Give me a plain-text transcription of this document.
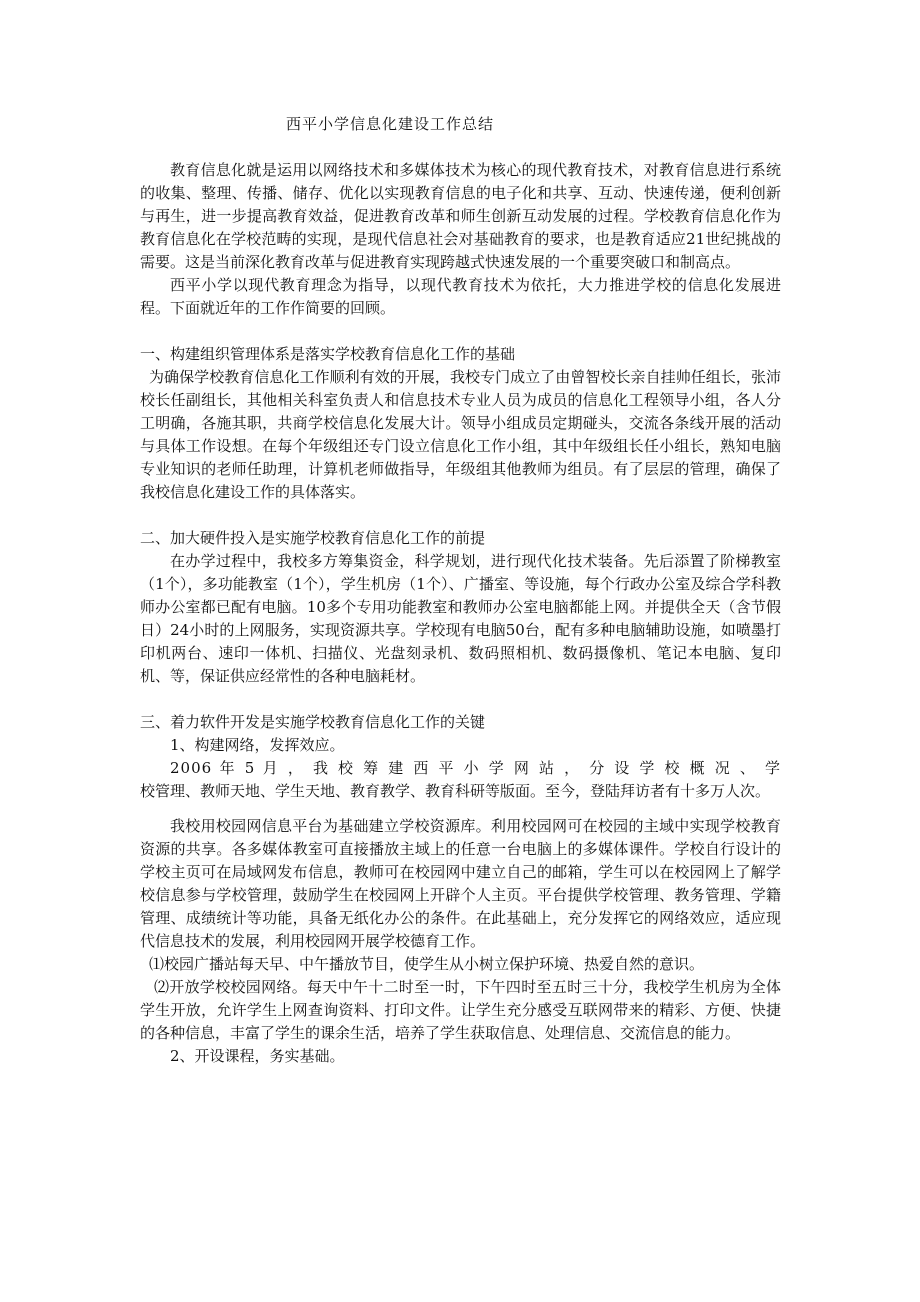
西平小学信息化建设工作总结

教育信息化就是运用以网络技术和多媒体技术为核心的现代教育技术，对教育信息进行系统的收集、整理、传播、储存、优化以实现教育信息的电子化和共享、互动、快速传递，便利创新与再生，进一步提高教育效益，促进教育改革和师生创新互动发展的过程。学校教育信息化作为教育信息化在学校范畴的实现，是现代信息社会对基础教育的要求，也是教育适应21世纪挑战的需要。这是当前深化教育改革与促进教育实现跨越式快速发展的一个重要突破口和制高点。

西平小学以现代教育理念为指导，以现代教育技术为依托，大力推进学校的信息化发展进程。下面就近年的工作作简要的回顾。

一、构建组织管理体系是落实学校教育信息化工作的基础

为确保学校教育信息化工作顺利有效的开展，我校专门成立了由曾智校长亲自挂帅任组长，张沛校长任副组长，其他相关科室负责人和信息技术专业人员为成员的信息化工程领导小组，各人分工明确，各施其职，共商学校信息化发展大计。领导小组成员定期碰头，交流各条线开展的活动与具体工作设想。在每个年级组还专门设立信息化工作小组，其中年级组长任小组长，熟知电脑专业知识的老师任助理，计算机老师做指导，年级组其他教师为组员。有了层层的管理，确保了我校信息化建设工作的具体落实。

二、加大硬件投入是实施学校教育信息化工作的前提

在办学过程中，我校多方筹集资金，科学规划，进行现代化技术装备。先后添置了阶梯教室（1个），多功能教室（1个），学生机房（1个）、广播室、等设施，每个行政办公室及综合学科教师办公室都已配有电脑。10多个专用功能教室和教师办公室电脑都能上网。并提供全天（含节假日）24小时的上网服务，实现资源共享。学校现有电脑50台，配有多种电脑辅助设施，如喷墨打印机两台、速印一体机、扫描仪、光盘刻录机、数码照相机、数码摄像机、笔记本电脑、复印机、等，保证供应经常性的各种电脑耗材。

三、着力软件开发是实施学校教育信息化工作的关键

1、构建网络，发挥效应。

2006 年 5 月 ， 我 校 筹 建 西 平 小 学 网 站 ， 分 设 学 校 概 况 、 学

校管理、教师天地、学生天地、教育教学、教育科研等版面。至今，登陆拜访者有十多万人次。

我校用校园网信息平台为基础建立学校资源库。利用校园网可在校园的主域中实现学校教育资源的共享。各多媒体教室可直接播放主域上的任意一台电脑上的多媒体课件。学校自行设计的学校主页可在局域网发布信息，教师可在校园网中建立自己的邮箱，学生可以在校园网上了解学校信息参与学校管理，鼓励学生在校园网上开辟个人主页。平台提供学校管理、教务管理、学籍管理、成绩统计等功能，具备无纸化办公的条件。在此基础上，充分发挥它的网络效应，适应现代信息技术的发展，利用校园网开展学校德育工作。

⑴校园广播站每天早、中午播放节目，使学生从小树立保护环境、热爱自然的意识。

⑵开放学校校园网络。每天中午十二时至一时，下午四时至五时三十分，我校学生机房为全体学生开放，允许学生上网查询资料、打印文件。让学生充分感受互联网带来的精彩、方便、快捷的各种信息，丰富了学生的课余生活，培养了学生获取信息、处理信息、交流信息的能力。

2、开设课程，务实基础。
